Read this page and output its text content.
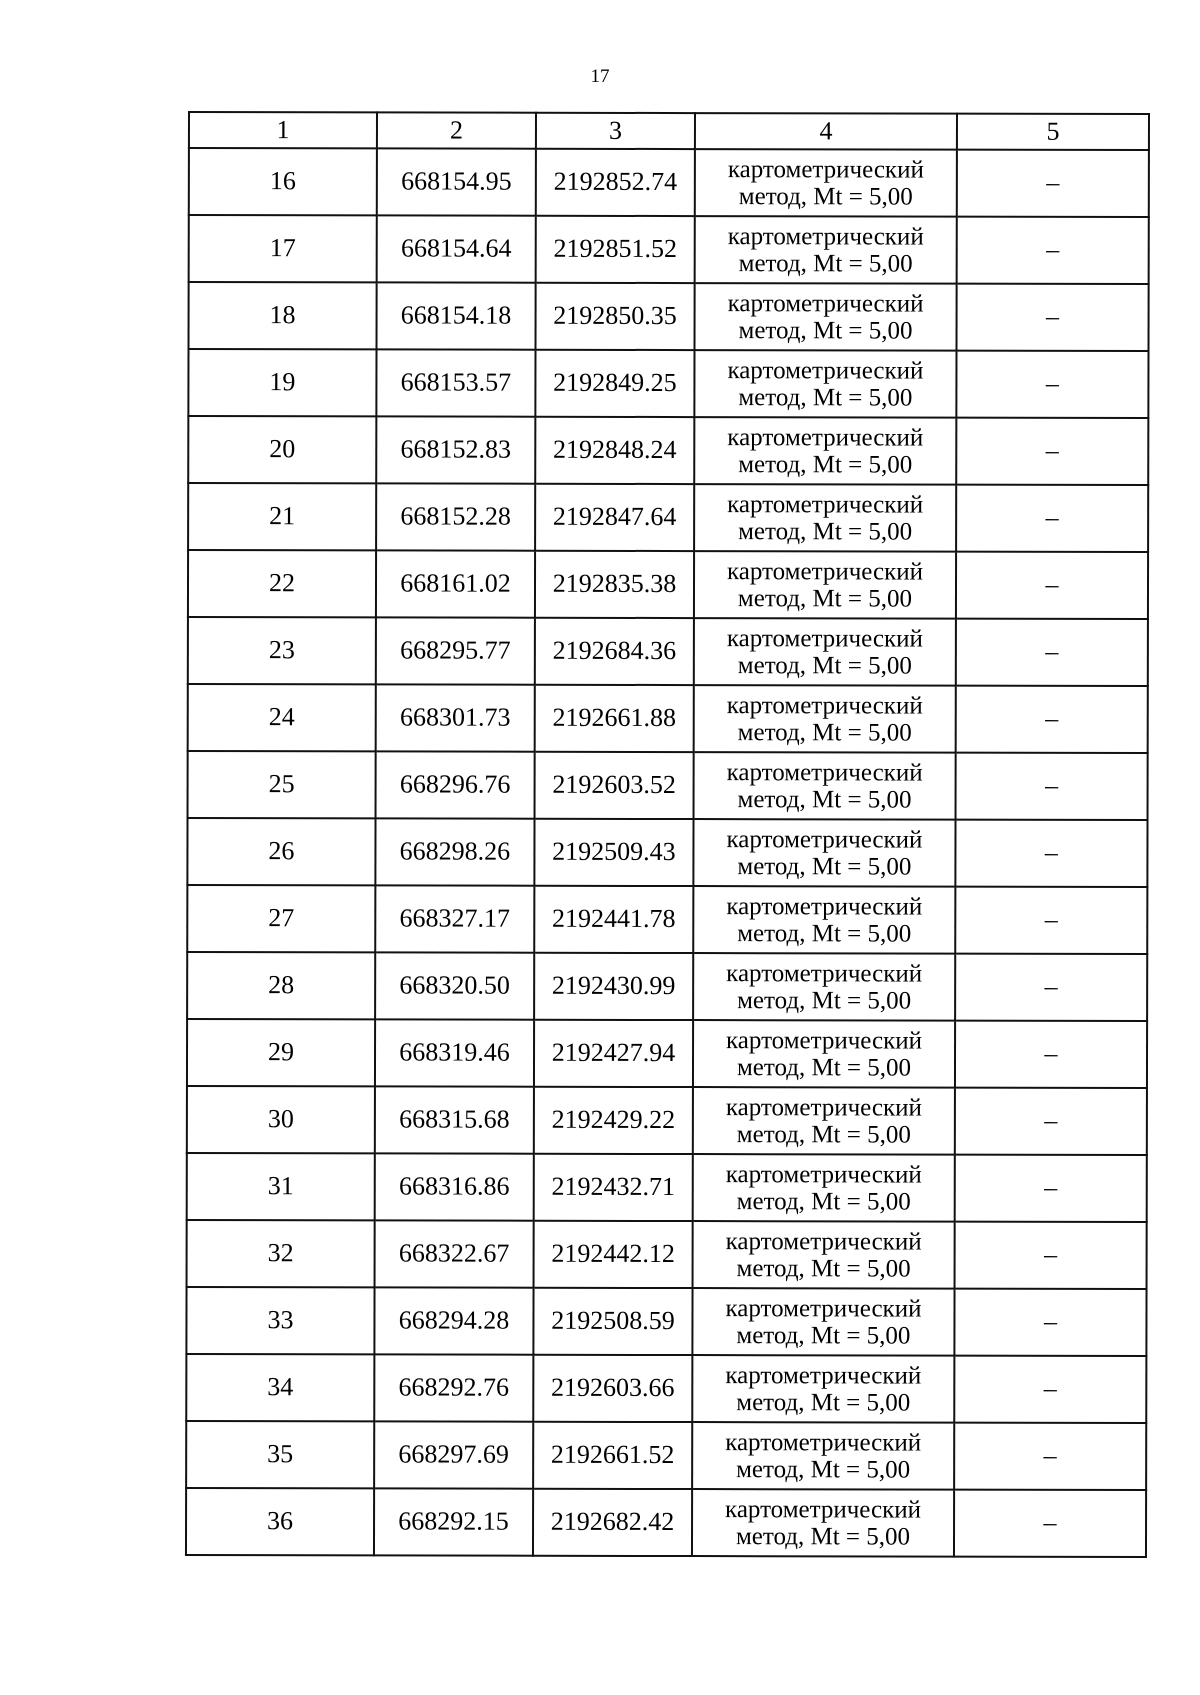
17
1	2	3	4	5
16	668154.95	2192852.74	картометрический метод, Mt = 5,00	–
17	668154.64	2192851.52	картометрический метод, Mt = 5,00	–
18	668154.18	2192850.35	картометрический метод, Mt = 5,00	–
19	668153.57	2192849.25	картометрический метод, Mt = 5,00	–
20	668152.83	2192848.24	картометрический метод, Mt = 5,00	–
21	668152.28	2192847.64	картометрический метод, Mt = 5,00	–
22	668161.02	2192835.38	картометрический метод, Mt = 5,00	–
23	668295.77	2192684.36	картометрический метод, Mt = 5,00	–
24	668301.73	2192661.88	картометрический метод, Mt = 5,00	–
25	668296.76	2192603.52	картометрический метод, Mt = 5,00	–
26	668298.26	2192509.43	картометрический метод, Mt = 5,00	–
27	668327.17	2192441.78	картометрический метод, Mt = 5,00	–
28	668320.50	2192430.99	картометрический метод, Mt = 5,00	–
29	668319.46	2192427.94	картометрический метод, Mt = 5,00	–
30	668315.68	2192429.22	картометрический метод, Mt = 5,00	–
31	668316.86	2192432.71	картометрический метод, Mt = 5,00	–
32	668322.67	2192442.12	картометрический метод, Mt = 5,00	–
33	668294.28	2192508.59	картометрический метод, Mt = 5,00	–
34	668292.76	2192603.66	картометрический метод, Mt = 5,00	–
35	668297.69	2192661.52	картометрический метод, Mt = 5,00	–
36	668292.15	2192682.42	картометрический метод, Mt = 5,00	–
